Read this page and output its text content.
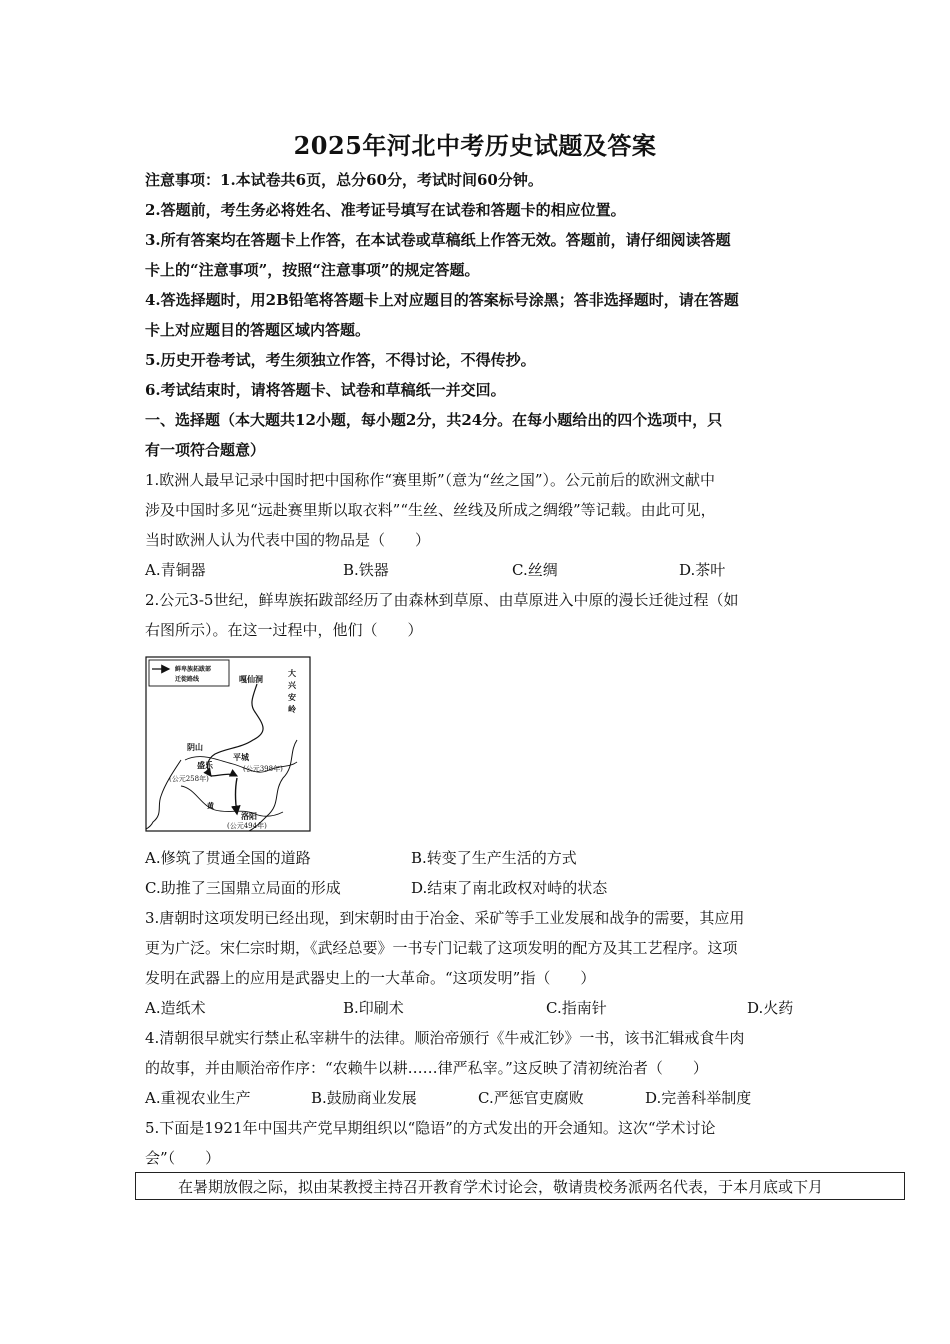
2025年河北中考历史试题及答案
注意事项：1.本试卷共6页，总分60分，考试时间60分钟。
2.答题前，考生务必将姓名、准考证号填写在试卷和答题卡的相应位置。
3.所有答案均在答题卡上作答，在本试卷或草稿纸上作答无效。答题前，请仔细阅读答题
卡上的“注意事项”，按照“注意事项”的规定答题。
4.答选择题时，用2B铅笔将答题卡上对应题目的答案标号涂黑；答非选择题时，请在答题
卡上对应题目的答题区域内答题。
5.历史开卷考试，考生须独立作答，不得讨论，不得传抄。
6.考试结束时，请将答题卡、试卷和草稿纸一并交回。
一、选择题（本大题共12小题，每小题2分，共24分。在每小题给出的四个选项中，只
有一项符合题意）
1.欧洲人最早记录中国时把中国称作“赛里斯”（意为“丝之国”）。公元前后的欧洲文献中
涉及中国时多见“远赴赛里斯以取衣料”“生丝、丝线及所成之绸缎”等记载。由此可见，
当时欧洲人认为代表中国的物品是（　　）
A.青铜器	B.铁器	C.丝绸	D.茶叶
2.公元3-5世纪，鲜卑族拓跋部经历了由森林到草原、由草原进入中原的漫长迁徙过程（如
右图所示）。在这一过程中，他们（　　）
鲜卑族拓跋部
迁徙路线	嘎仙洞
大
兴
安
岭
阴山
平城
盛乐	(公元398年)
(公元258年)
黄
洛阳
(公元494年)
A.修筑了贯通全国的道路	B.转变了生产生活的方式
C.助推了三国鼎立局面的形成	D.结束了南北政权对峙的状态
3.唐朝时这项发明已经出现，到宋朝时由于冶金、采矿等手工业发展和战争的需要，其应用
更为广泛。宋仁宗时期，《武经总要》一书专门记载了这项发明的配方及其工艺程序。这项
发明在武器上的应用是武器史上的一大革命。“这项发明”指（　　）
A.造纸术	B.印刷术	C.指南针	D.火药
4.清朝很早就实行禁止私宰耕牛的法律。顺治帝颁行《牛戒汇钞》一书，该书汇辑戒食牛肉
的故事，并由顺治帝作序：“农赖牛以耕……律严私宰。”这反映了清初统治者（　　）
A.重视农业生产	B.鼓励商业发展	C.严惩官吏腐败	D.完善科举制度
5.下面是1921年中国共产党早期组织以“隐语”的方式发出的开会通知。这次“学术讨论
会”（　　）
在暑期放假之际，拟由某教授主持召开教育学术讨论会，敬请贵校务派两名代表，于本月底或下月
